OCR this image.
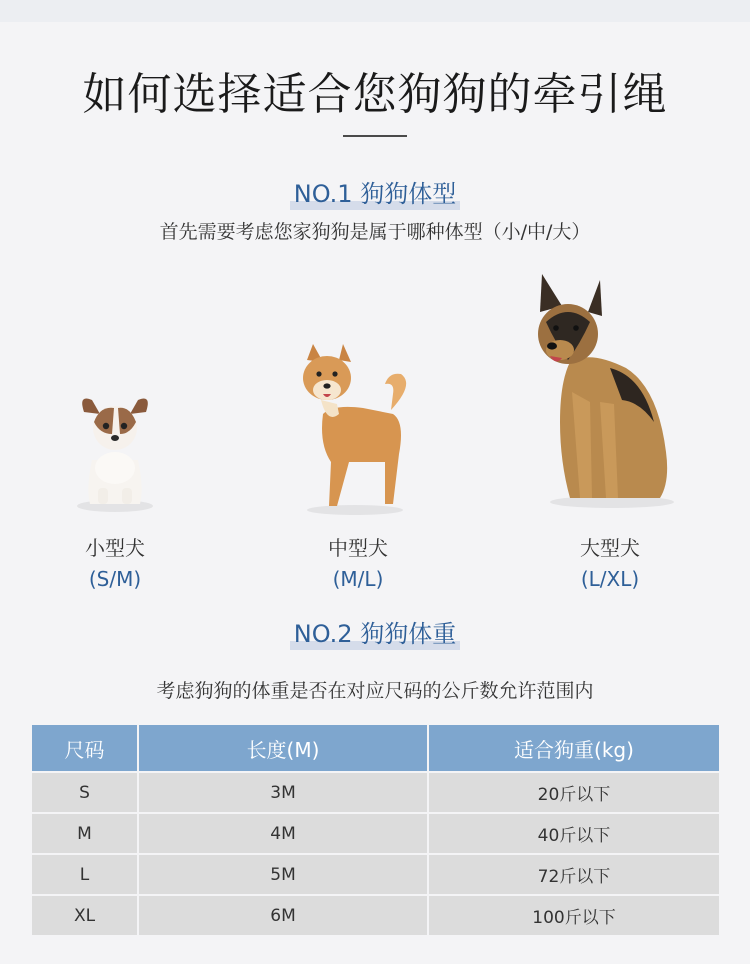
如何选择适合您狗狗的牵引绳
NO.1 狗狗体型
首先需要考虑您家狗狗是属于哪种体型（小/中/大）
小型犬
(S/M)
中型犬
(M/L)
大型犬
(L/XL)
NO.2 狗狗体重
考虑狗狗的体重是否在对应尺码的公斤数允许范围内
尺码	长度(M)	适合狗重(kg)
S	3M	20斤以下
M	4M	40斤以下
L	5M	72斤以下
XL	6M	100斤以下
